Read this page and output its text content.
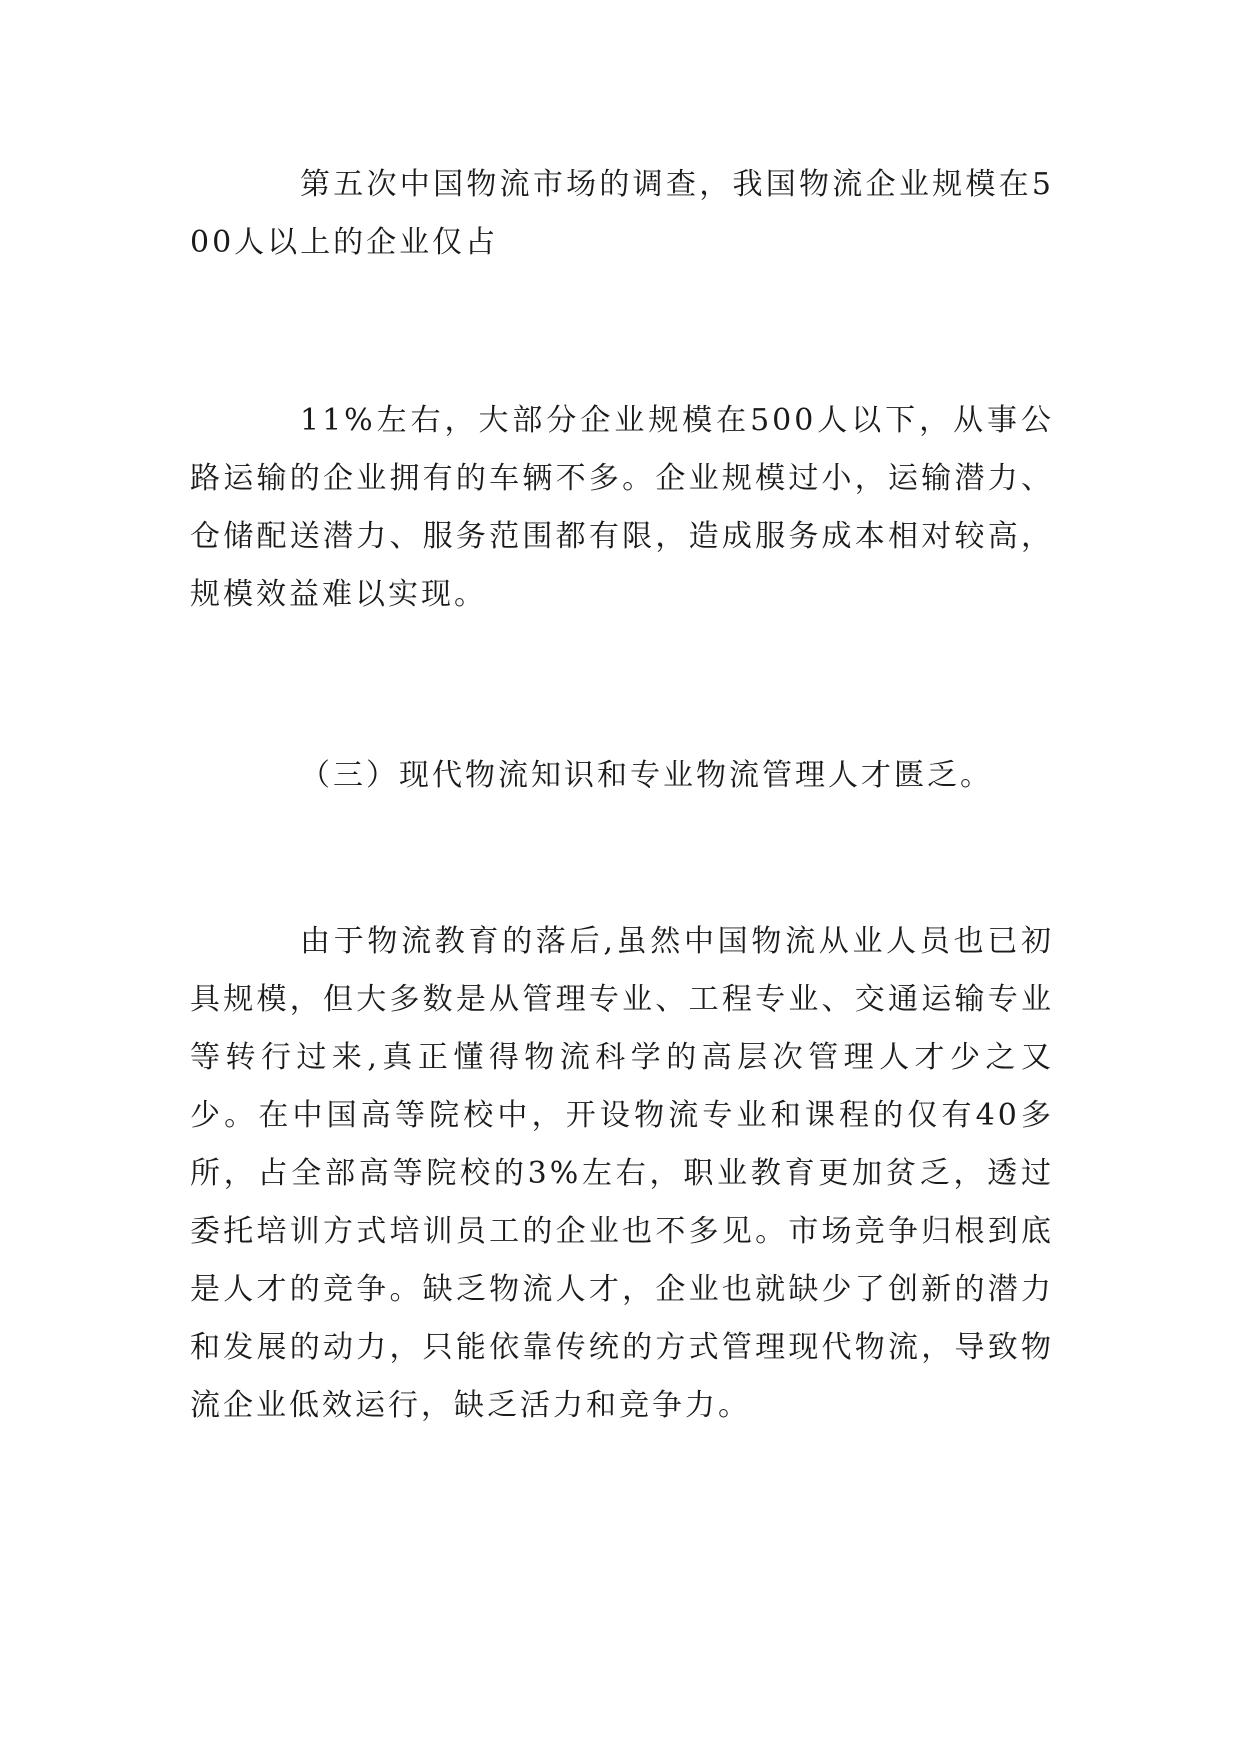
第五次中国物流市场的调查，我国物流企业规模在500人以上的企业仅占

11%左右，大部分企业规模在500人以下，从事公路运输的企业拥有的车辆不多。企业规模过小，运输潜力、仓储配送潜力、服务范围都有限，造成服务成本相对较高，规模效益难以实现。

（三）现代物流知识和专业物流管理人才匮乏。

由于物流教育的落后,虽然中国物流从业人员也已初具规模，但大多数是从管理专业、工程专业、交通运输专业等转行过来,真正懂得物流科学的高层次管理人才少之又少。在中国高等院校中，开设物流专业和课程的仅有40多所，占全部高等院校的3%左右，职业教育更加贫乏，透过委托培训方式培训员工的企业也不多见。市场竞争归根到底是人才的竞争。缺乏物流人才，企业也就缺少了创新的潜力和发展的动力，只能依靠传统的方式管理现代物流，导致物流企业低效运行，缺乏活力和竞争力。
